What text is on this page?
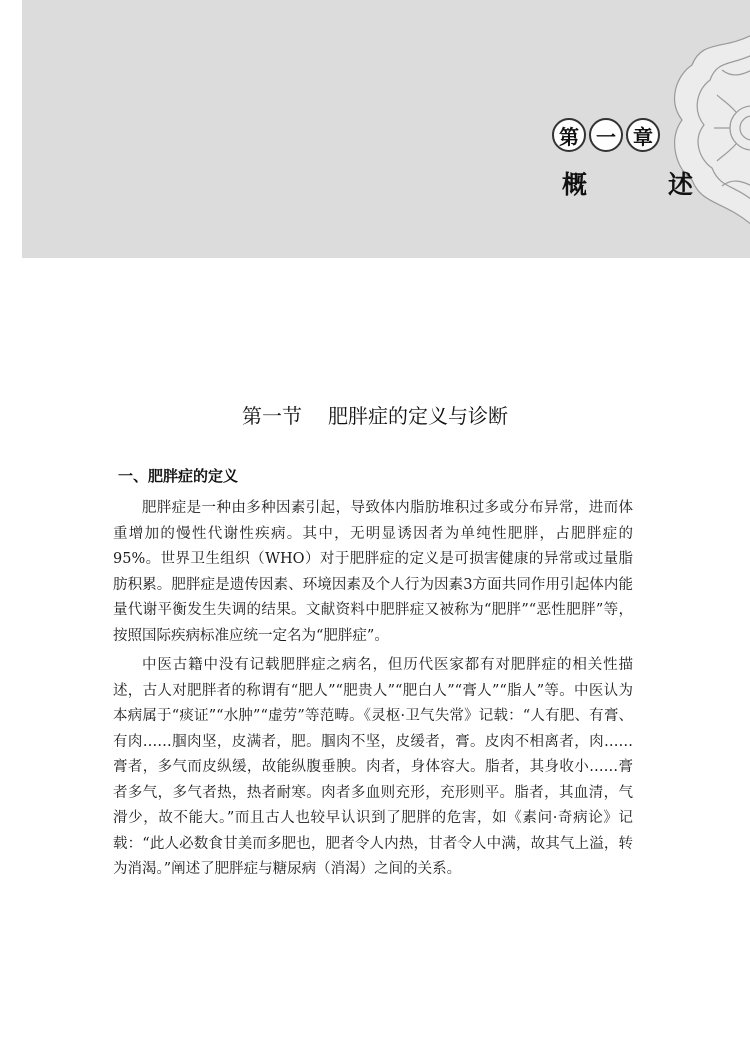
第 一 章
概　述
第一节 肥胖症的定义与诊断
一、肥胖症的定义

肥胖症是一种由多种因素引起，导致体内脂肪堆积过多或分布异常，进而体重增加的慢性代谢性疾病。其中，无明显诱因者为单纯性肥胖，占肥胖症的95%。世界卫生组织（WHO）对于肥胖症的定义是可损害健康的异常或过量脂肪积累。肥胖症是遗传因素、环境因素及个人行为因素3方面共同作用引起体内能量代谢平衡发生失调的结果。文献资料中肥胖症又被称为“肥胖”“恶性肥胖”等，按照国际疾病标准应统一定名为“肥胖症”。

中医古籍中没有记载肥胖症之病名，但历代医家都有对肥胖症的相关性描述，古人对肥胖者的称谓有“肥人”“肥贵人”“肥白人”“膏人”“脂人”等。中医认为本病属于“痰证”“水肿”“虚劳”等范畴。《灵枢·卫气失常》记载：“人有肥、有膏、有肉……腘肉坚，皮满者，肥。腘肉不坚，皮缓者，膏。皮肉不相离者，肉……膏者，多气而皮纵缓，故能纵腹垂腴。肉者，身体容大。脂者，其身收小……膏者多气，多气者热，热者耐寒。肉者多血则充形，充形则平。脂者，其血清，气滑少，故不能大。”而且古人也较早认识到了肥胖的危害，如《素问·奇病论》记载：“此人必数食甘美而多肥也，肥者令人内热，甘者令人中满，故其气上溢，转为消渴。”阐述了肥胖症与糖尿病（消渴）之间的关系。
